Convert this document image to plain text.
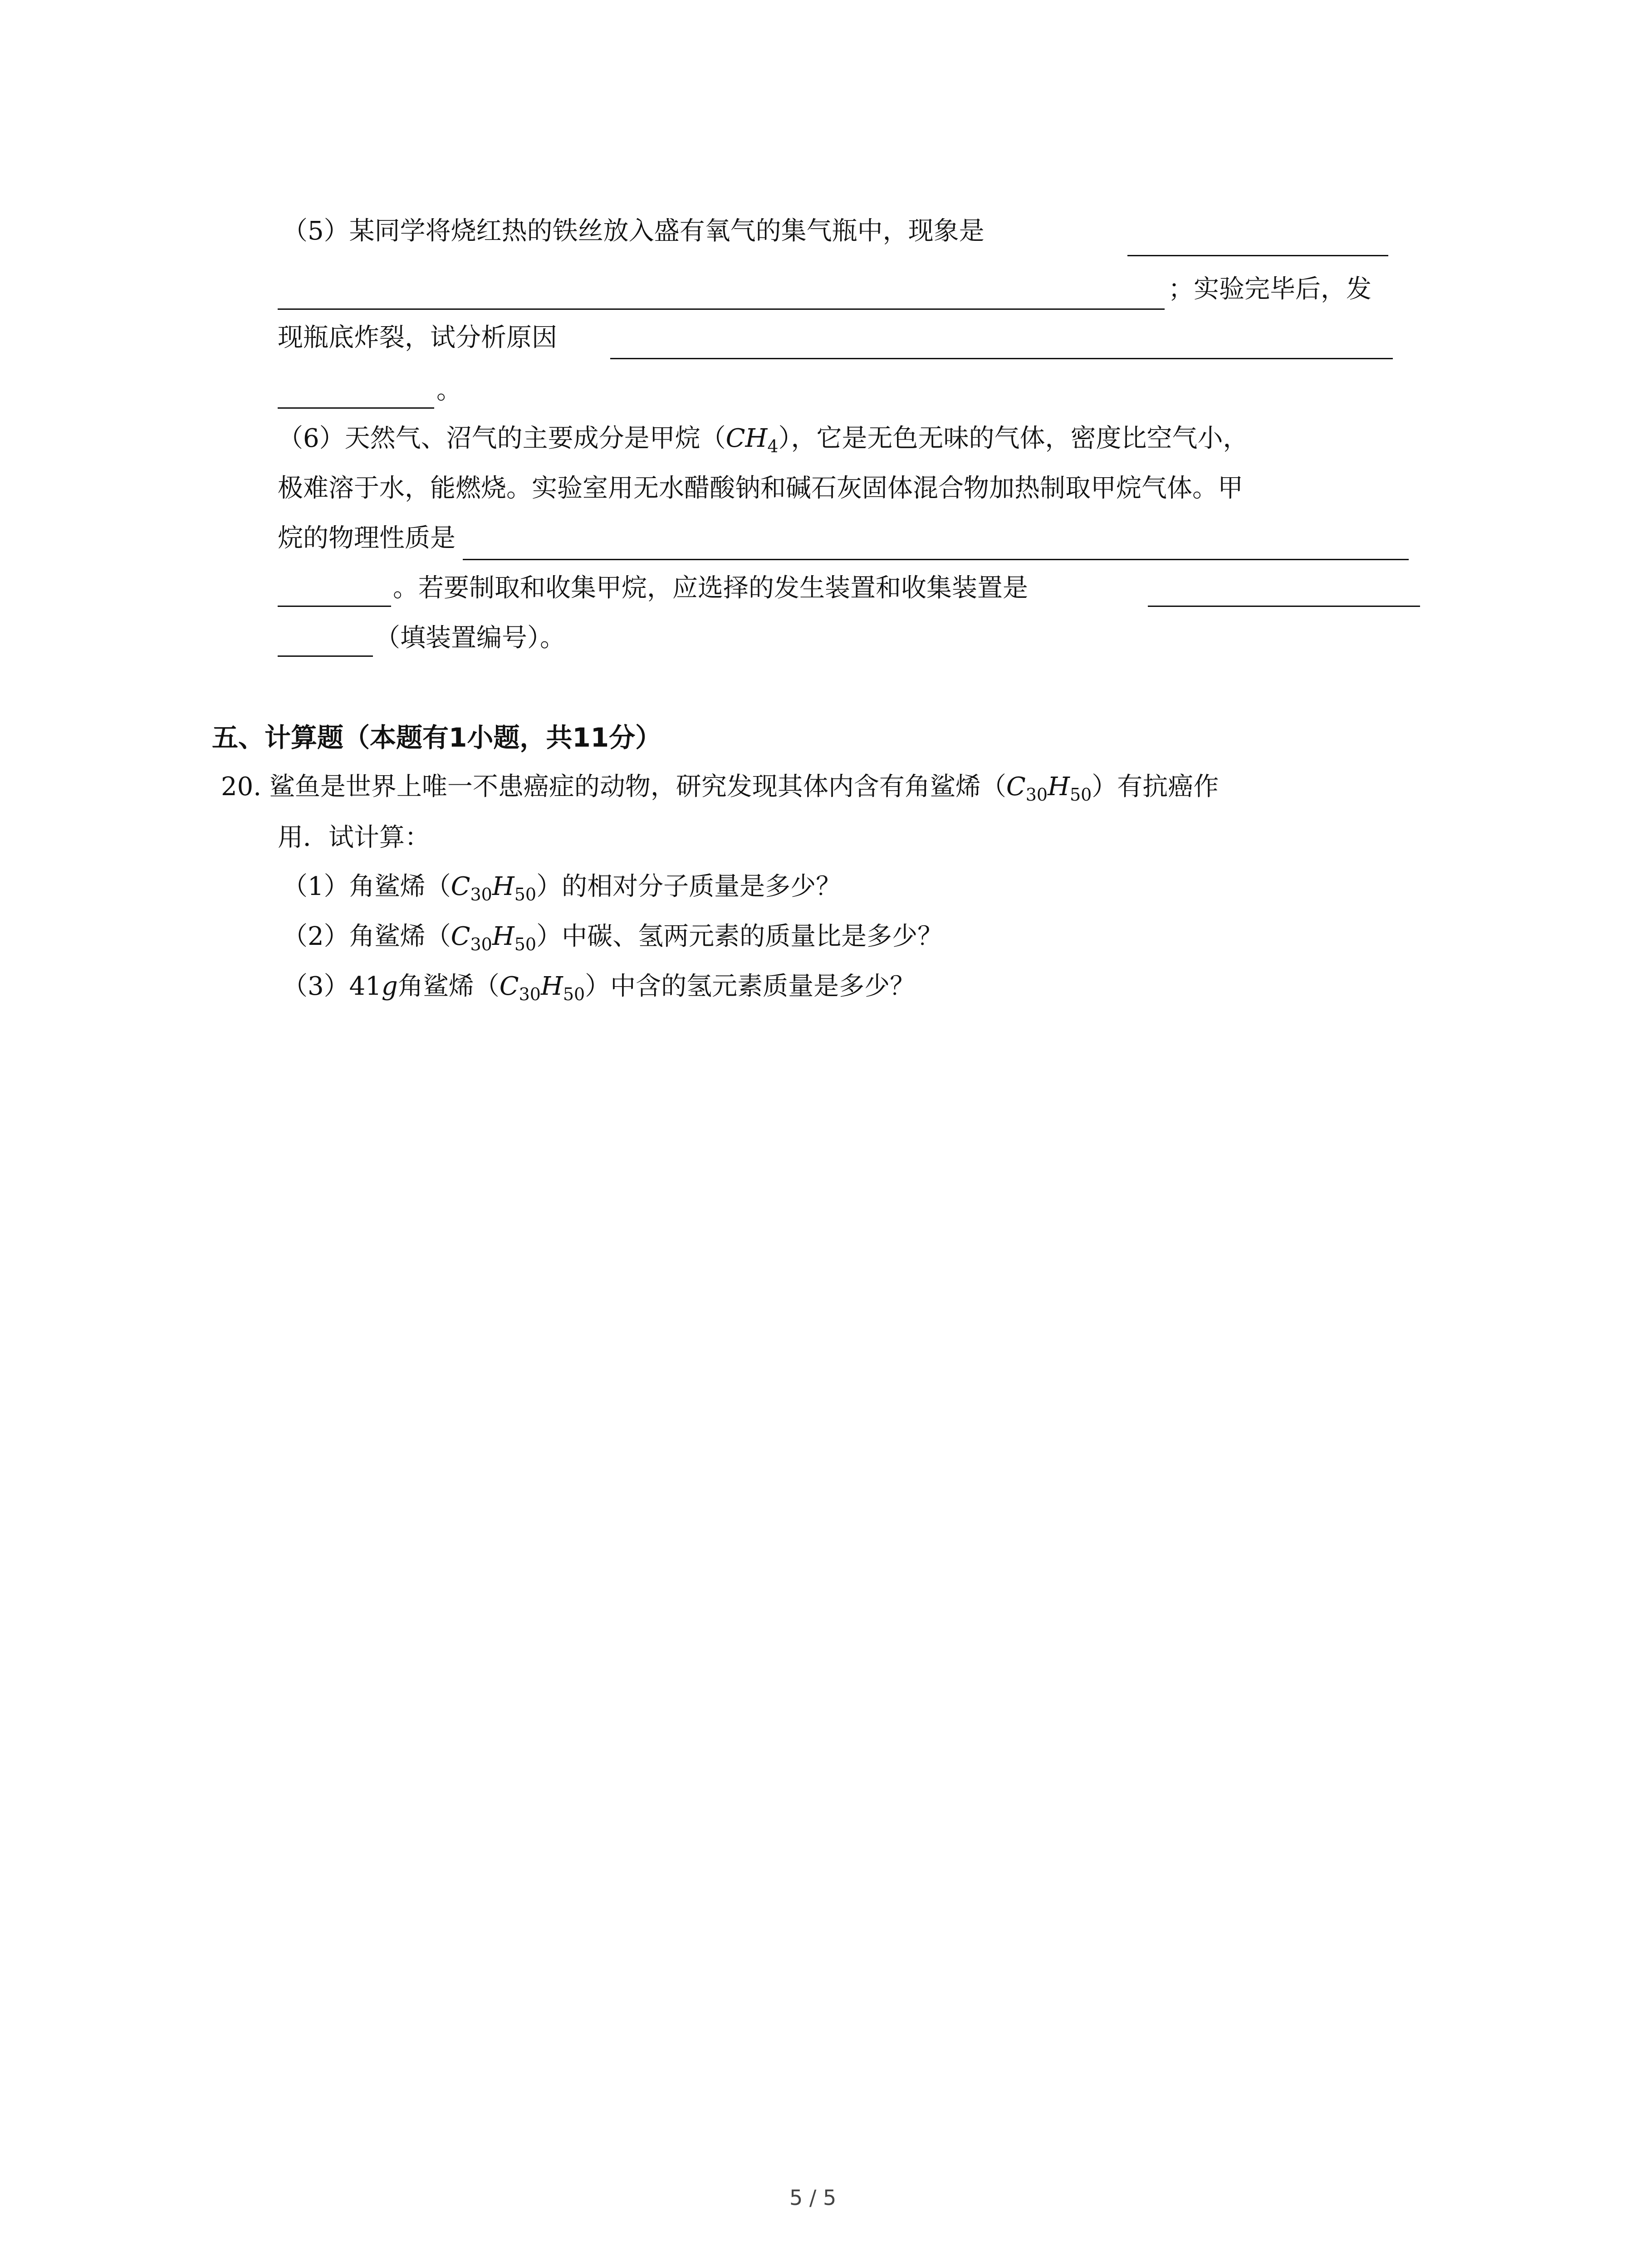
（5）某同学将烧红热的铁丝放入盛有氧气的集气瓶中，现象是
；实验完毕后，发
现瓶底炸裂，试分析原因
。
（6）天然气、沼气的主要成分是甲烷$(CH_4)$，它是无色无味的气体，密度比空气小，
极难溶于水，能燃烧。实验室用无水醋酸钠和碱石灰固体混合物加热制取甲烷气体。甲
烷的物理性质是
。若要制取和收集甲烷，应选择的发生装置和收集装置是
（填装置编号）。
五、计算题（本题有1小题，共11分）
20. 鲨鱼是世界上唯一不患癌症的动物，研究发现其体内含有角鲨烯$(C_{30}H_{50})$有抗癌作
用．试计算：
（1）角鲨烯$(C_{30}H_{50})$的相对分子质量是多少？
（2）角鲨烯$(C_{30}H_{50})$中碳、氢两元素的质量比是多少？
（3）41g角鲨烯$(C_{30}H_{50})$中含的氢元素质量是多少？
5 / 5
